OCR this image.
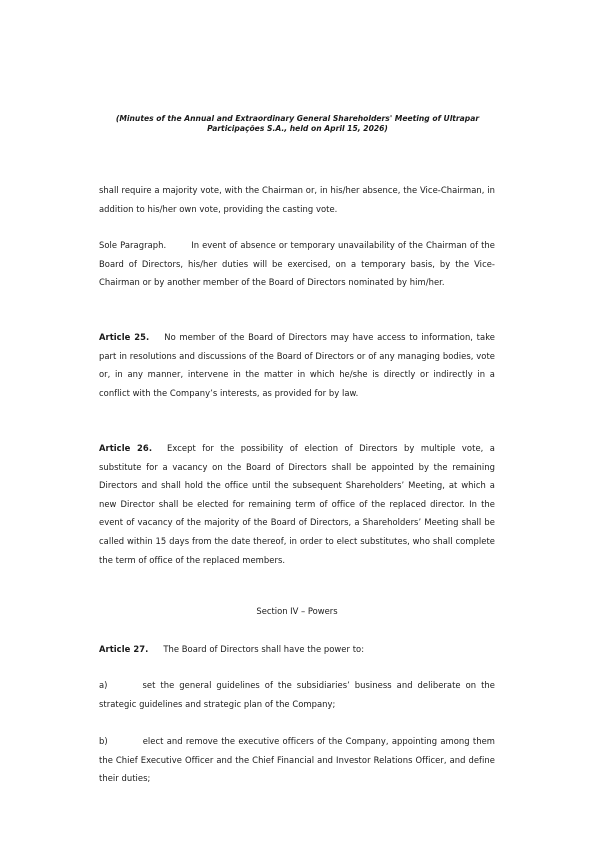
(Minutes of the Annual and Extraordinary General Shareholders' Meeting of Ultrapar
Participações S.A., held on April 15, 2026)
shall require a majority vote, with the Chairman or, in his/her absence, the Vice-Chairman, in addition to his/her own vote, providing the casting vote.
Sole Paragraph.	In event of absence or temporary unavailability of the Chairman of the Board of Directors, his/her duties will be exercised, on a temporary basis, by the Vice-Chairman or by another member of the Board of Directors nominated by him/her.
Article 25. No member of the Board of Directors may have access to information, take part in resolutions and discussions of the Board of Directors or of any managing bodies, vote or, in any manner, intervene in the matter in which he/she is directly or indirectly in a conflict with the Company’s interests, as provided for by law.
Article 26. Except for the possibility of election of Directors by multiple vote, a substitute for a vacancy on the Board of Directors shall be appointed by the remaining Directors and shall hold the office until the subsequent Shareholders’ Meeting, at which a new Director shall be elected for remaining term of office of the replaced director. In the event of vacancy of the majority of the Board of Directors, a Shareholders’ Meeting shall be called within 15 days from the date thereof, in order to elect substitutes, who shall complete the term of office of the replaced members.
Section IV – Powers
Article 27. The Board of Directors shall have the power to:
a)	set the general guidelines of the subsidiaries’ business and deliberate on the strategic guidelines and strategic plan of the Company;
b)	elect and remove the executive officers of the Company, appointing among them the Chief Executive Officer and the Chief Financial and Investor Relations Officer, and define their duties;
